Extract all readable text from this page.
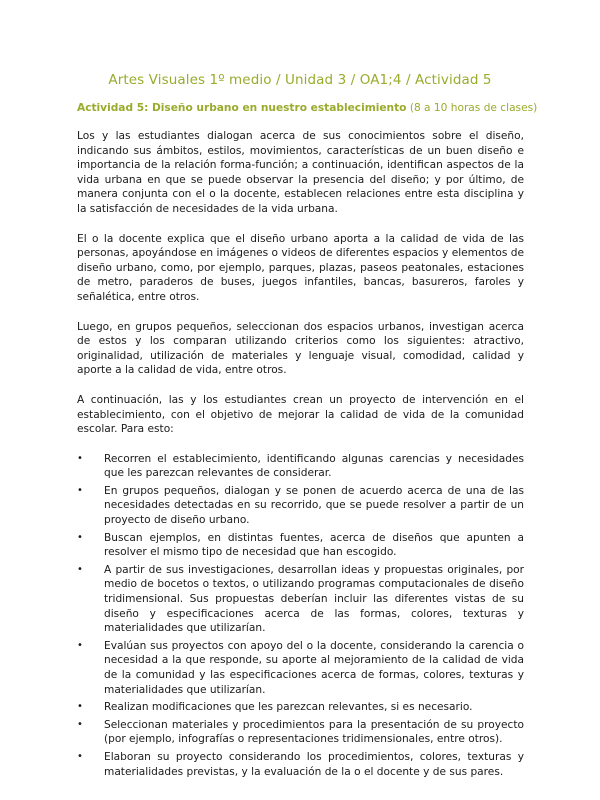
Artes Visuales 1º medio / Unidad 3 / OA1;4 / Actividad 5
Actividad 5: Diseño urbano en nuestro establecimiento (8 a 10 horas de clases)

Los y las estudiantes dialogan acerca de sus conocimientos sobre el diseño, indicando sus ámbitos, estilos, movimientos, características de un buen diseño e importancia de la relación forma-función; a continuación, identifican aspectos de la vida urbana en que se puede observar la presencia del diseño; y por último, de manera conjunta con el o la docente, establecen relaciones entre esta disciplina y la satisfacción de necesidades de la vida urbana.

El o la docente explica que el diseño urbano aporta a la calidad de vida de las personas, apoyándose en imágenes o videos de diferentes espacios y elementos de diseño urbano, como, por ejemplo, parques, plazas, paseos peatonales, estaciones de metro, paraderos de buses, juegos infantiles, bancas, basureros, faroles y señalética, entre otros.

Luego, en grupos pequeños, seleccionan dos espacios urbanos, investigan acerca de estos y los comparan utilizando criterios como los siguientes: atractivo, originalidad, utilización de materiales y lenguaje visual, comodidad, calidad y aporte a la calidad de vida, entre otros.

A continuación, las y los estudiantes crean un proyecto de intervención en el establecimiento, con el objetivo de mejorar la calidad de vida de la comunidad escolar. Para esto:

• Recorren el establecimiento, identificando algunas carencias y necesidades que les parezcan relevantes de considerar.
• En grupos pequeños, dialogan y se ponen de acuerdo acerca de una de las necesidades detectadas en su recorrido, que se puede resolver a partir de un proyecto de diseño urbano.
• Buscan ejemplos, en distintas fuentes, acerca de diseños que apunten a resolver el mismo tipo de necesidad que han escogido.
• A partir de sus investigaciones, desarrollan ideas y propuestas originales, por medio de bocetos o textos, o utilizando programas computacionales de diseño tridimensional. Sus propuestas deberían incluir las diferentes vistas de su diseño y especificaciones acerca de las formas, colores, texturas y materialidades que utilizarían.
• Evalúan sus proyectos con apoyo del o la docente, considerando la carencia o necesidad a la que responde, su aporte al mejoramiento de la calidad de vida de la comunidad y las especificaciones acerca de formas, colores, texturas y materialidades que utilizarían.
• Realizan modificaciones que les parezcan relevantes, si es necesario.
• Seleccionan materiales y procedimientos para la presentación de su proyecto (por ejemplo, infografías o representaciones tridimensionales, entre otros).
• Elaboran su proyecto considerando los procedimientos, colores, texturas y materialidades previstas, y la evaluación de la o el docente y de sus pares.
